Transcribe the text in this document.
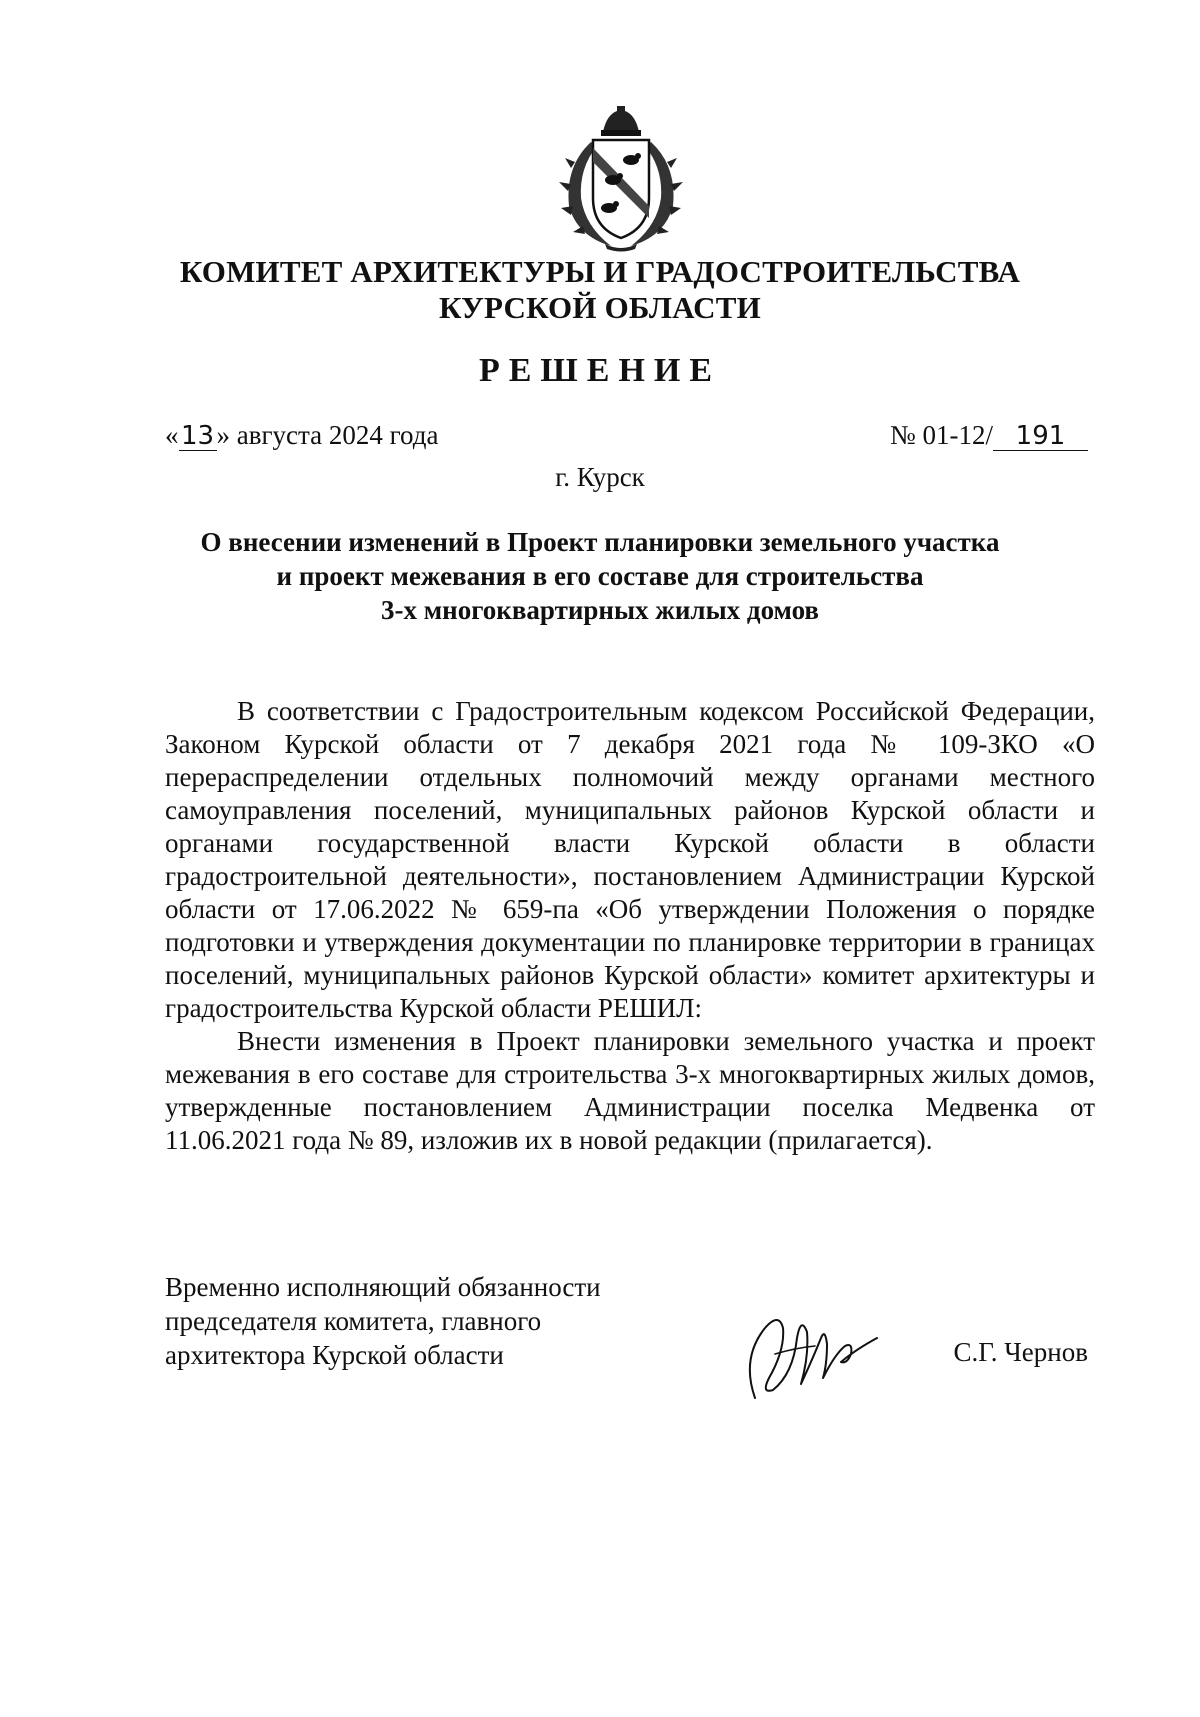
КОМИТЕТ АРХИТЕКТУРЫ И ГРАДОСТРОИТЕЛЬСТВА
КУРСКОЙ ОБЛАСТИ
РЕШЕНИЕ
«13» августа 2024 года	№ 01-12/ 191
г. Курск
О внесении изменений в Проект планировки земельного участка
и проект межевания в его составе для строительства
3-х многоквартирных жилых домов

В соответствии с Градостроительным кодексом Российской Федерации, Законом Курской области от 7 декабря 2021 года № 109-ЗКО «О перераспределении отдельных полномочий между органами местного самоуправления поселений, муниципальных районов Курской области и органами государственной власти Курской области в области градостроительной деятельности», постановлением Администрации Курской области от 17.06.2022 № 659-па «Об утверждении Положения о порядке подготовки и утверждения документации по планировке территории в границах поселений, муниципальных районов Курской области» комитет архитектуры и градостроительства Курской области РЕШИЛ:

Внести изменения в Проект планировки земельного участка и проект межевания в его составе для строительства 3-х многоквартирных жилых домов, утвержденные постановлением Администрации поселка Медвенка от 11.06.2021 года № 89, изложив их в новой редакции (прилагается).

Временно исполняющий обязанности
председателя комитета, главного
архитектора Курской области	С.Г. Чернов
